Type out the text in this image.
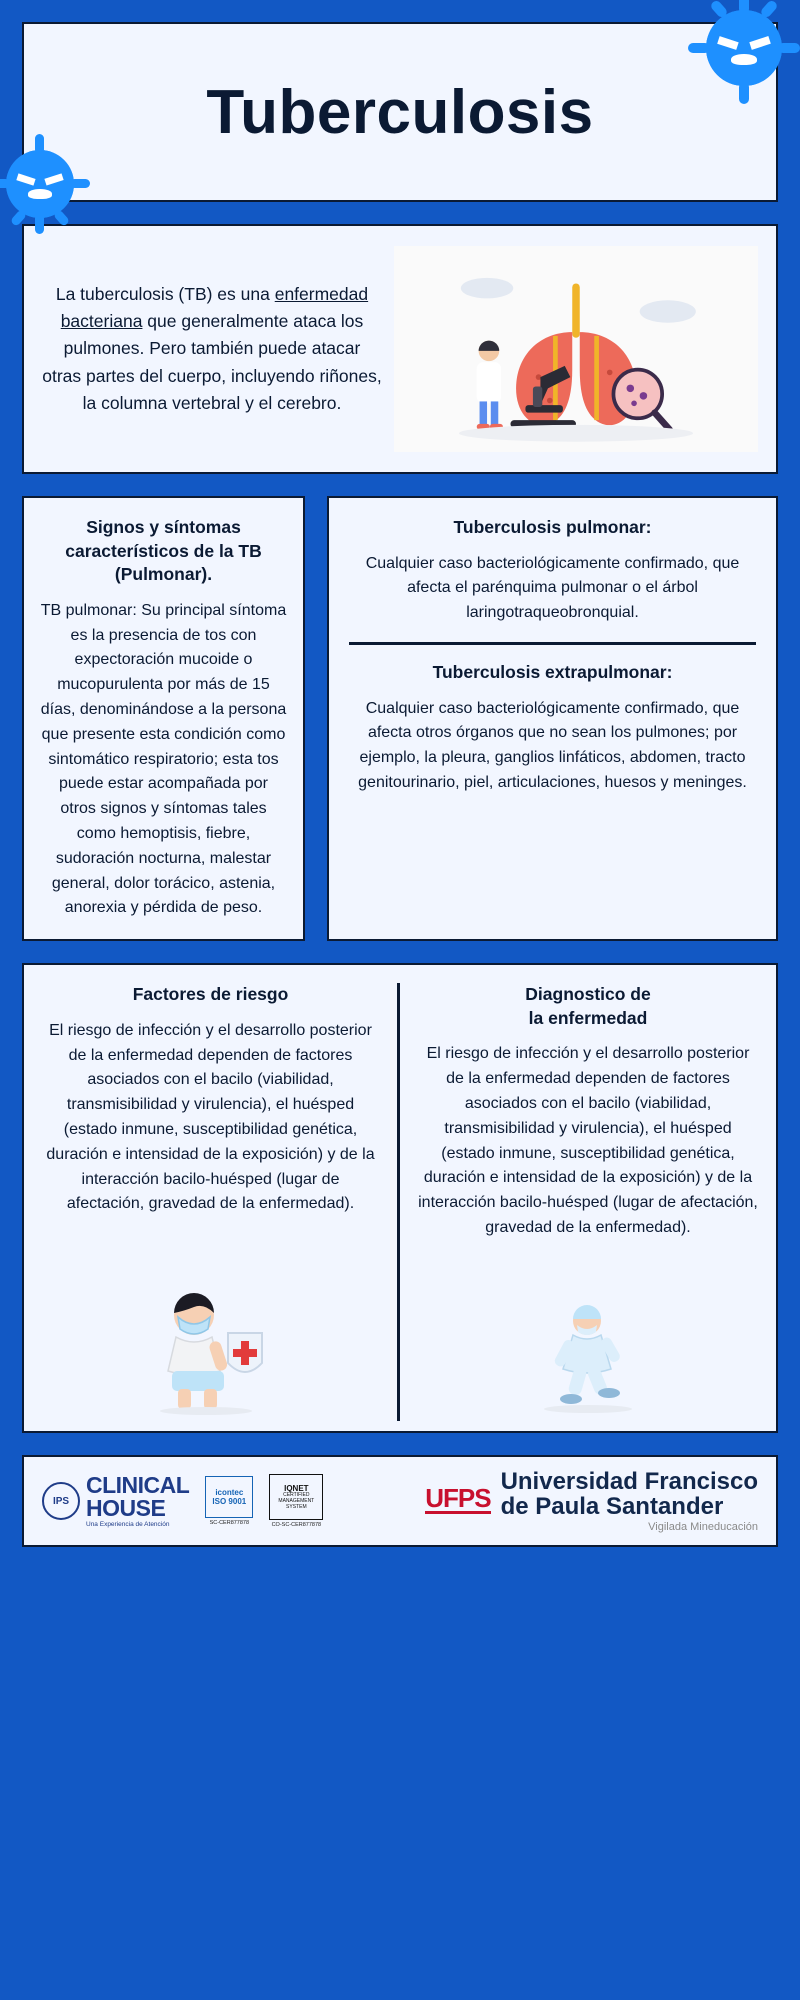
Tuberculosis
La tuberculosis (TB) es una enfermedad bacteriana que generalmente ataca los pulmones. Pero también puede atacar otras partes del cuerpo, incluyendo riñones, la columna vertebral y el cerebro.

Signos y síntomas característicos de la TB (Pulmonar).

TB pulmonar: Su principal síntoma es la presencia de tos con expectoración mucoide o mucopurulenta por más de 15 días, denominándose a la persona que presente esta condición como sintomático respiratorio; esta tos puede estar acompañada por otros signos y síntomas tales como hemoptisis, fiebre, sudoración nocturna, malestar general, dolor torácico, astenia, anorexia y pérdida de peso.

Tuberculosis pulmonar:

Cualquier caso bacteriológicamente confirmado, que afecta el parénquima pulmonar o el árbol laringotraqueobronquial.

Tuberculosis extrapulmonar:

Cualquier caso bacteriológicamente confirmado, que afecta otros órganos que no sean los pulmones; por ejemplo, la pleura, ganglios linfáticos, abdomen, tracto genitourinario, piel, articulaciones, huesos y meninges.

Factores de riesgo

El riesgo de infección y el desarrollo posterior de la enfermedad dependen de factores asociados con el bacilo (viabilidad, transmisibilidad y virulencia), el huésped (estado inmune, susceptibilidad genética, duración e intensidad de la exposición) y de la interacción bacilo-huésped (lugar de afectación, gravedad de la enfermedad).

Diagnostico de
la enfermedad

El riesgo de infección y el desarrollo posterior de la enfermedad dependen de factores asociados con el bacilo (viabilidad, transmisibilidad y virulencia), el huésped (estado inmune, susceptibilidad genética, duración e intensidad de la exposición) y de la interacción bacilo-huésped (lugar de afectación, gravedad de la enfermedad).

IPS
CLINICAL
HOUSE
Una Experiencia de Atención
icontec
ISO 9001
SC-CER877878
IQNET
CERTIFIED MANAGEMENT SYSTEM
CO-SC-CER877878
UFPS
Universidad Francisco
de Paula Santander
Vigilada Mineducación
